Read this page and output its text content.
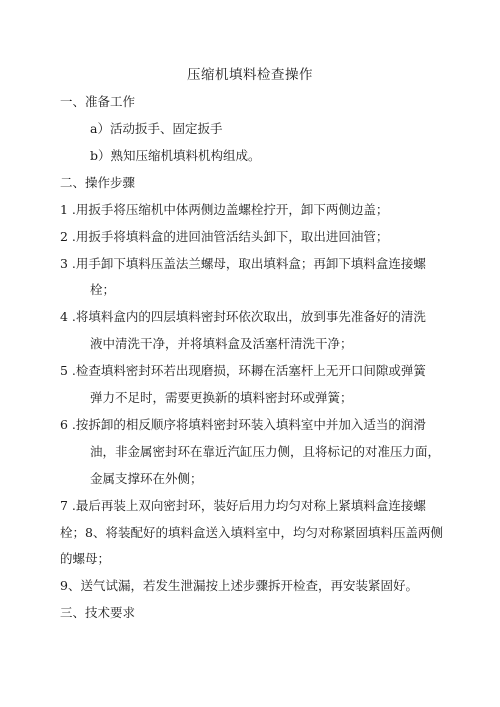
压缩机填料检查操作
一、准备工作
a）活动扳手、固定扳手
b）熟知压缩机填料机构组成。
二、操作步骤
1 .用扳手将压缩机中体两侧边盖螺栓拧开，卸下两侧边盖；
2 .用扳手将填料盒的进回油管活结头卸下，取出进回油管；
3 .用手卸下填料压盖法兰螺母，取出填料盒；再卸下填料盒连接螺
栓；
4 .将填料盒内的四层填料密封环依次取出，放到事先准备好的清洗
液中清洗干净，并将填料盒及活塞杆清洗干净；
5 .检查填料密封环若出现磨损，环耨在活塞杆上无开口间隙或弹簧
弹力不足时，需要更换新的填料密封环或弹簧；
6 .按拆卸的相反顺序将填料密封环装入填料室中并加入适当的润滑
油，非金属密封环在靠近汽缸压力侧，且将标记的对准压力面，
金属支撑环在外侧；
7 .最后再装上双向密封环，装好后用力均匀对称上紧填料盒连接螺
栓；8、将装配好的填料盒送入填料室中，均匀对称紧固填料压盖两侧
的螺母；
9、送气试漏，若发生泄漏按上述步骤拆开检查，再安装紧固好。
三、技术要求
